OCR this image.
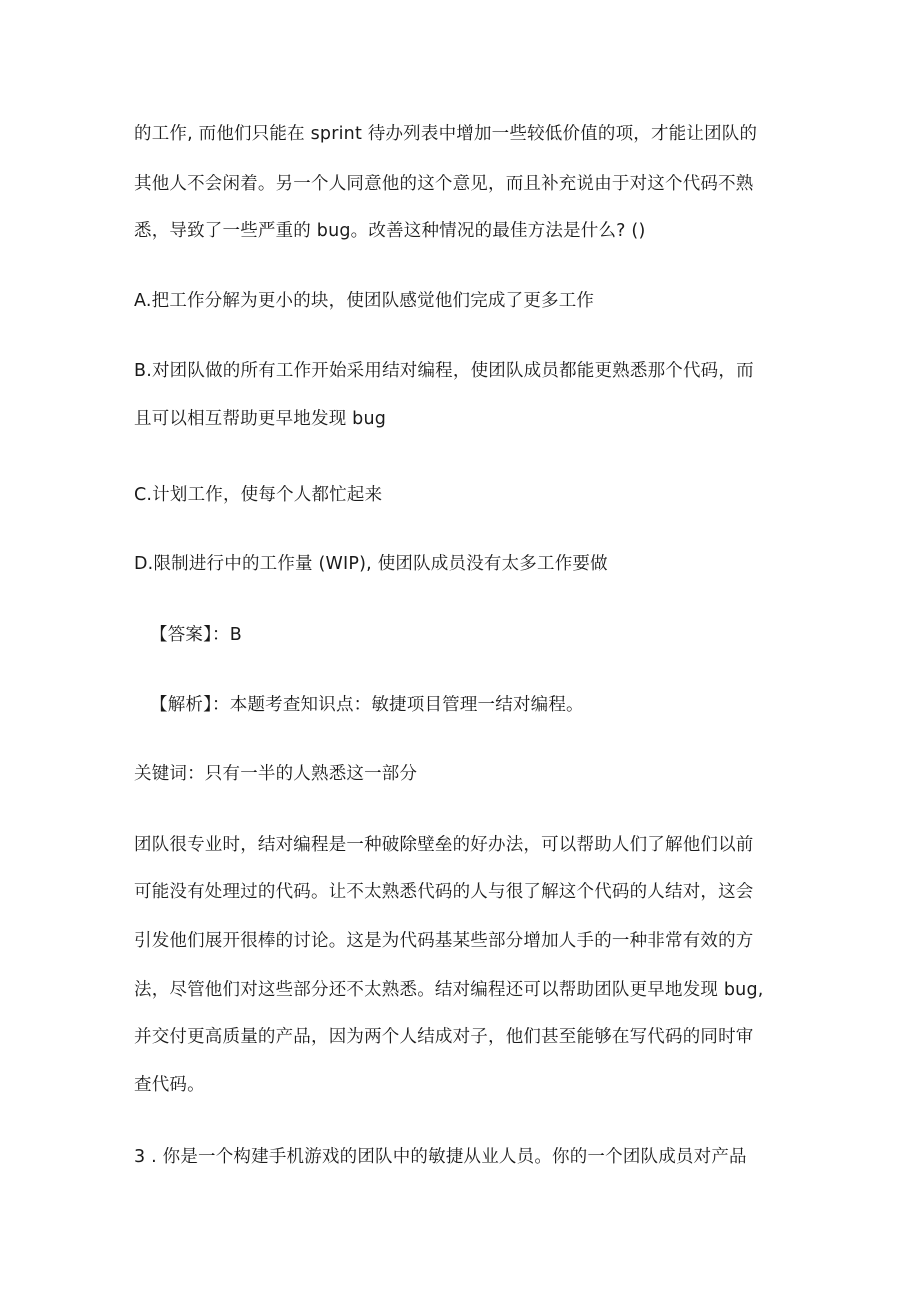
的工作, 而他们只能在 sprint 待办列表中增加一些较低价值的项，才能让团队的
其他人不会闲着。另一个人同意他的这个意见，而且补充说由于对这个代码不熟
悉，导致了一些严重的 bug。改善这种情况的最佳方法是什么? ()
A.把工作分解为更小的块，使团队感觉他们完成了更多工作
B.对团队做的所有工作开始采用结对编程，使团队成员都能更熟悉那个代码，而
且可以相互帮助更早地发现 bug
C.计划工作，使每个人都忙起来
D.限制进行中的工作量 (WIP), 使团队成员没有太多工作要做
【答案】：B
【解析】：本题考查知识点：敏捷项目管理一结对编程。
关键词：只有一半的人熟悉这一部分
团队很专业时，结对编程是一种破除壁垒的好办法，可以帮助人们了解他们以前
可能没有处理过的代码。让不太熟悉代码的人与很了解这个代码的人结对，这会
引发他们展开很棒的讨论。这是为代码基某些部分增加人手的一种非常有效的方
法，尽管他们对这些部分还不太熟悉。结对编程还可以帮助团队更早地发现 bug,
并交付更高质量的产品，因为两个人结成对子，他们甚至能够在写代码的同时审
查代码。
3 . 你是一个构建手机游戏的团队中的敏捷从业人员。你的一个团队成员对产品
